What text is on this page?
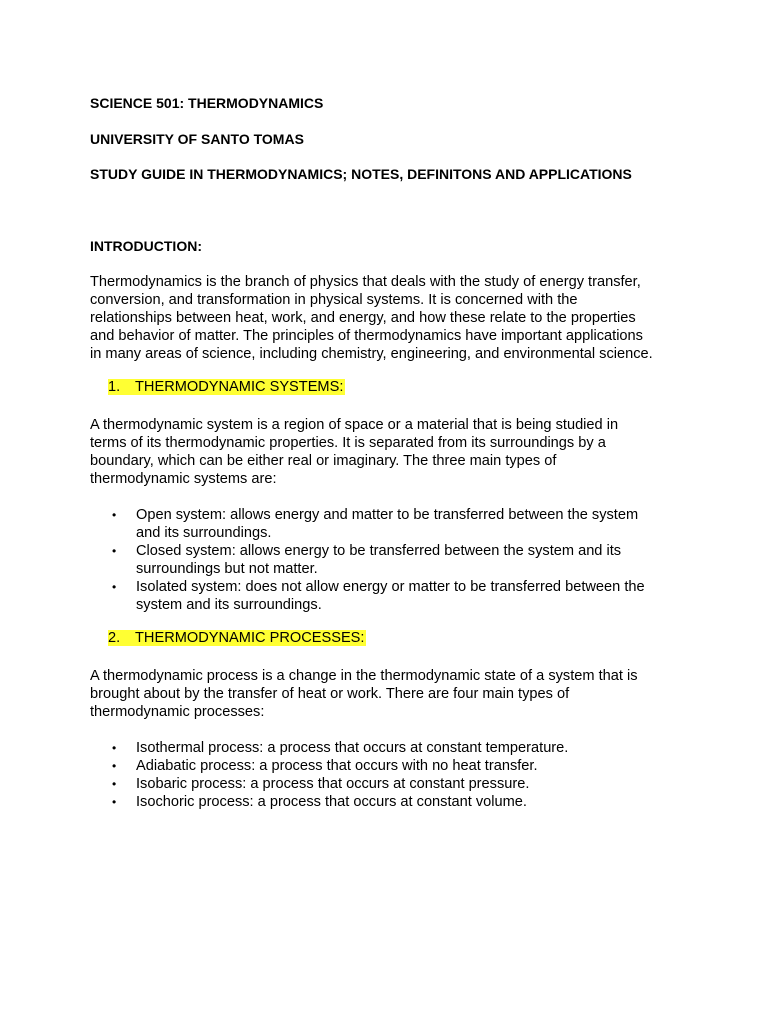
SCIENCE 501: THERMODYNAMICS

UNIVERSITY OF SANTO TOMAS

STUDY GUIDE IN THERMODYNAMICS; NOTES, DEFINITONS AND APPLICATIONS

INTRODUCTION:

Thermodynamics is the branch of physics that deals with the study of energy transfer,
conversion, and transformation in physical systems. It is concerned with the
relationships between heat, work, and energy, and how these relate to the properties
and behavior of matter. The principles of thermodynamics have important applications
in many areas of science, including chemistry, engineering, and environmental science.

1. THERMODYNAMIC SYSTEMS:

A thermodynamic system is a region of space or a material that is being studied in
terms of its thermodynamic properties. It is separated from its surroundings by a
boundary, which can be either real or imaginary. The three main types of
thermodynamic systems are:
• Open system: allows energy and matter to be transferred between the system
and its surroundings.
• Closed system: allows energy to be transferred between the system and its
surroundings but not matter.
• Isolated system: does not allow energy or matter to be transferred between the
system and its surroundings.

2. THERMODYNAMIC PROCESSES:

A thermodynamic process is a change in the thermodynamic state of a system that is
brought about by the transfer of heat or work. There are four main types of
thermodynamic processes:
• Isothermal process: a process that occurs at constant temperature.
• Adiabatic process: a process that occurs with no heat transfer.
• Isobaric process: a process that occurs at constant pressure.
• Isochoric process: a process that occurs at constant volume.
